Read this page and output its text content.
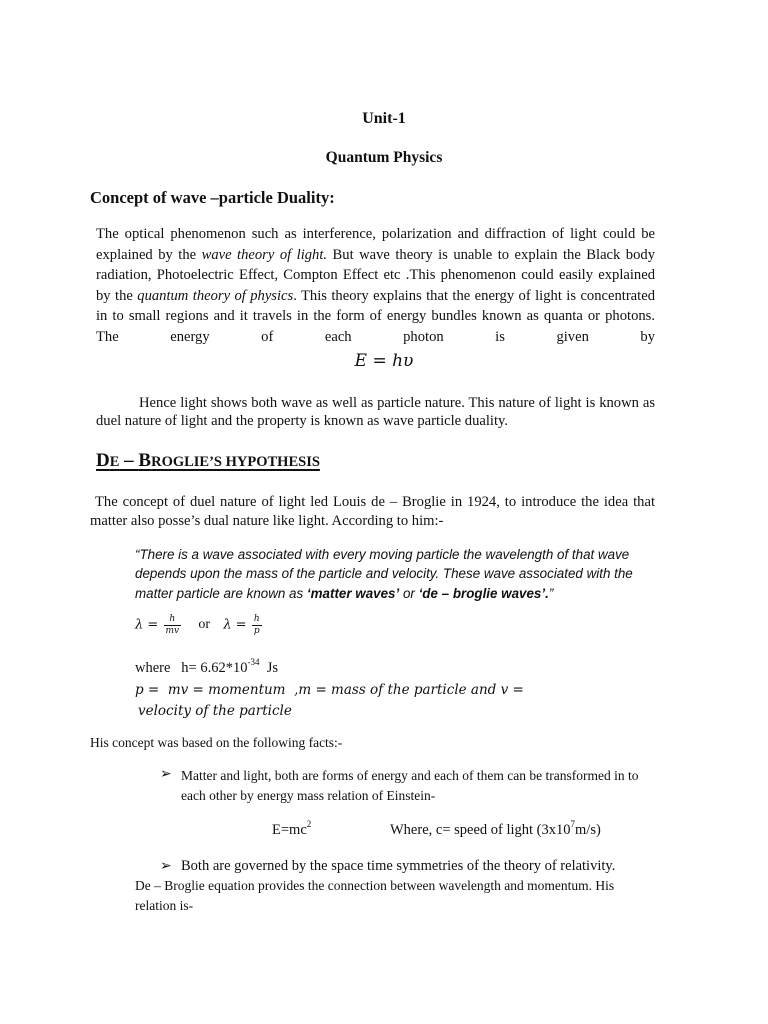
Unit-1
Quantum Physics
Concept of wave –particle Duality:
The optical phenomenon such as interference, polarization and diffraction of light could be explained by the wave theory of light. But wave theory is unable to explain the Black body radiation, Photoelectric Effect, Compton Effect etc .This phenomenon could easily explained by the quantum theory of physics. This theory explains that the energy of light is concentrated in to small regions and it travels in the form of energy bundles known as quanta or photons. The energy of each photon is given by
E = hυ
Hence light shows both wave as well as particle nature. This nature of light is known as duel nature of light and the property is known as wave particle duality.
DE – BROGLIE’S HYPOTHESIS
The concept of duel nature of light led Louis de – Broglie in 1924, to introduce the idea that matter also posse’s dual nature like light. According to him:-
“There is a wave associated with every moving particle the wavelength of that wave depends upon the mass of the particle and velocity. These wave associated with the matter particle are known as ‘matter waves’ or ‘de – broglie waves’.”
$\lambda = \frac{h}{mv}$ or $\lambda = \frac{h}{p}$
where   $h= 6.62*10^{-34}$  Js
p =  mv = momentum  ,m = mass of the particle and v =
velocity of the particle
His concept was based on the following facts:-
➢ Matter and light, both are forms of energy and each of them can be transformed in to each other by energy mass relation of Einstein-
$E=mc^2$	Where, c= speed of light $(3x10^7m/s)$
➢ Both are governed by the space time symmetries of the theory of relativity.
De – Broglie equation provides the connection between wavelength and momentum. His relation is-
